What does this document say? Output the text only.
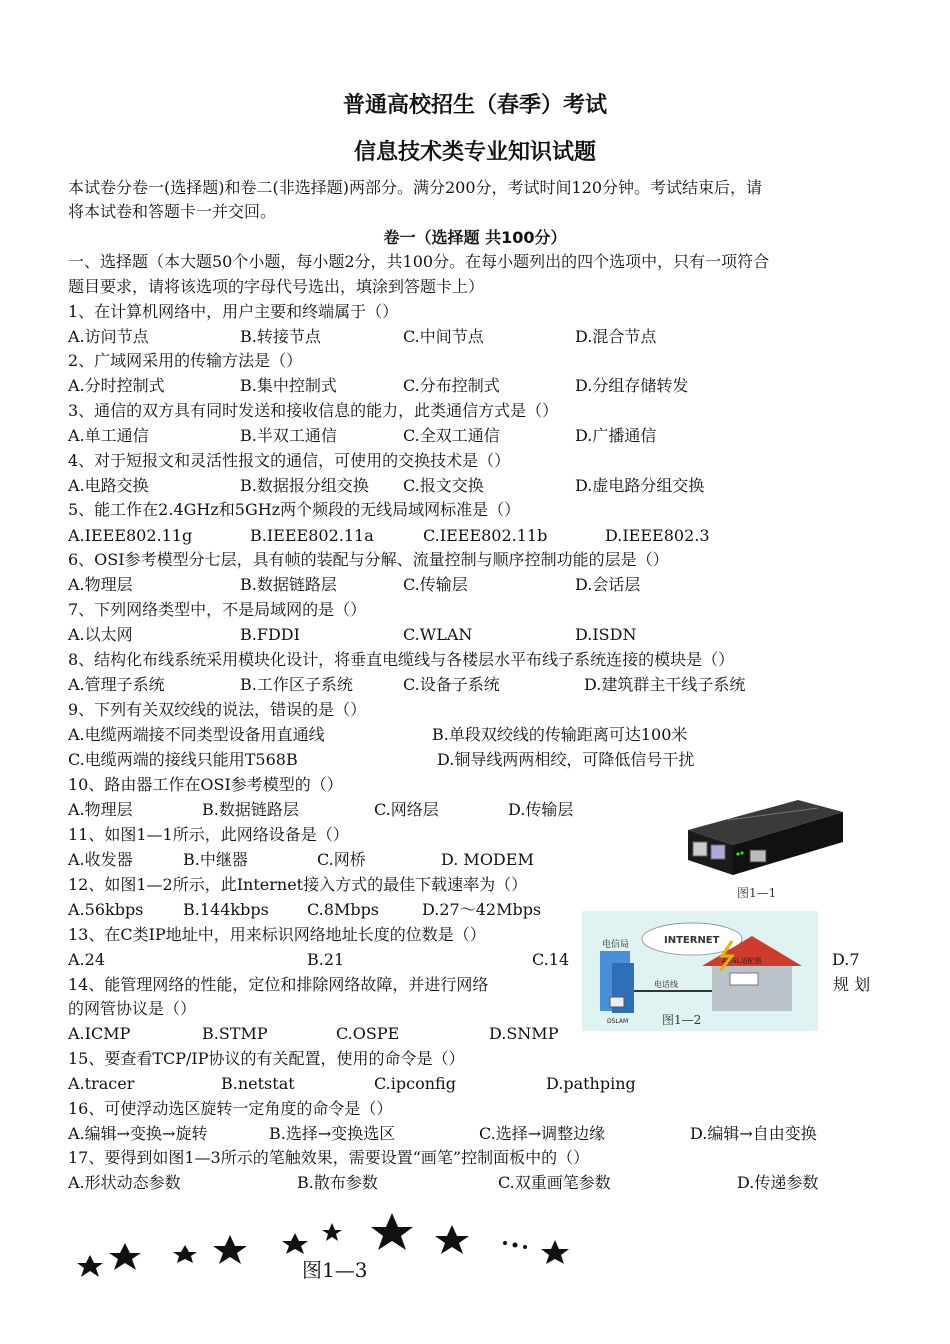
普通高校招生（春季）考试
信息技术类专业知识试题
本试卷分卷一(选择题)和卷二(非选择题)两部分。满分200分，考试时间120分钟。考试结束后，请
将本试卷和答题卡一并交回。
卷一（选择题 共100分）
一、选择题（本大题50个小题，每小题2分，共100分。在每小题列出的四个选项中，只有一项符合
题目要求，请将该选项的字母代号选出，填涂到答题卡上）
1、在计算机网络中，用户主要和终端属于（）
A.访问节点	B.转接节点	C.中间节点	D.混合节点
2、广域网采用的传输方法是（）
A.分时控制式	B.集中控制式	C.分布控制式	D.分组存储转发
3、通信的双方具有同时发送和接收信息的能力，此类通信方式是（）
A.单工通信	B.半双工通信	C.全双工通信	D.广播通信
4、对于短报文和灵活性报文的通信，可使用的交换技术是（）
A.电路交换	B.数据报分组交换 C.报文交换	D.虚电路分组交换
5、能工作在2.4GHz和5GHz两个频段的无线局域网标准是（）
A.IEEE802.11g	B.IEEE802.11a	C.IEEE802.11b	D.IEEE802.3
6、OSI参考模型分七层，具有帧的装配与分解、流量控制与顺序控制功能的层是（）
A.物理层	B.数据链路层	C.传输层	D.会话层
7、下列网络类型中，不是局域网的是（）
A.以太网	B.FDDI	C.WLAN	D.ISDN
8、结构化布线系统采用模块化设计，将垂直电缆线与各楼层水平布线子系统连接的模块是（）
A.管理子系统	B.工作区子系统	C.设备子系统	D.建筑群主干线子系统
9、下列有关双绞线的说法，错误的是（）
A.电缆两端接不同类型设备用直通线	B.单段双绞线的传输距离可达100米
C.电缆两端的接线只能用T568B	D.铜导线两两相绞，可降低信号干扰
10、路由器工作在OSI参考模型的（）
A.物理层	B.数据链路层	C.网络层	D.传输层
11、如图1—1所示，此网络设备是（）
A.收发器	B.中继器	C.网桥	D. MODEM
12、如图1—2所示，此Internet接入方式的最佳下载速率为（）
A.56kbps B.144kbps C.8Mbps	D.27～42Mbps
13、在C类IP地址中，用来标识网络地址长度的位数是（）
A.24	B.21	C.14	D.7
14、能管理网络的性能，定位和排除网络故障，并进行网络	规 划
的网管协议是（）
A.ICMP	B.STMP	C.OSPE	D.SNMP
15、要查看TCP/IP协议的有关配置，使用的命令是（）
A.tracer	B.netstat	C.ipconfig	D.pathping
16、可使浮动选区旋转一定角度的命令是（）
A.编辑→变换→旋转	B.选择→变换选区	C.选择→调整边缘	D.编辑→自由变换
17、要得到如图1—3所示的笔触效果，需要设置“画笔”控制面板中的（）
A.形状动态参数	B.散布参数	C.双重画笔参数	D.传递参数
图1—1
INTERNET
电信局
DSLAM
ADSL适配器
电话线
图1—2
图1—3
